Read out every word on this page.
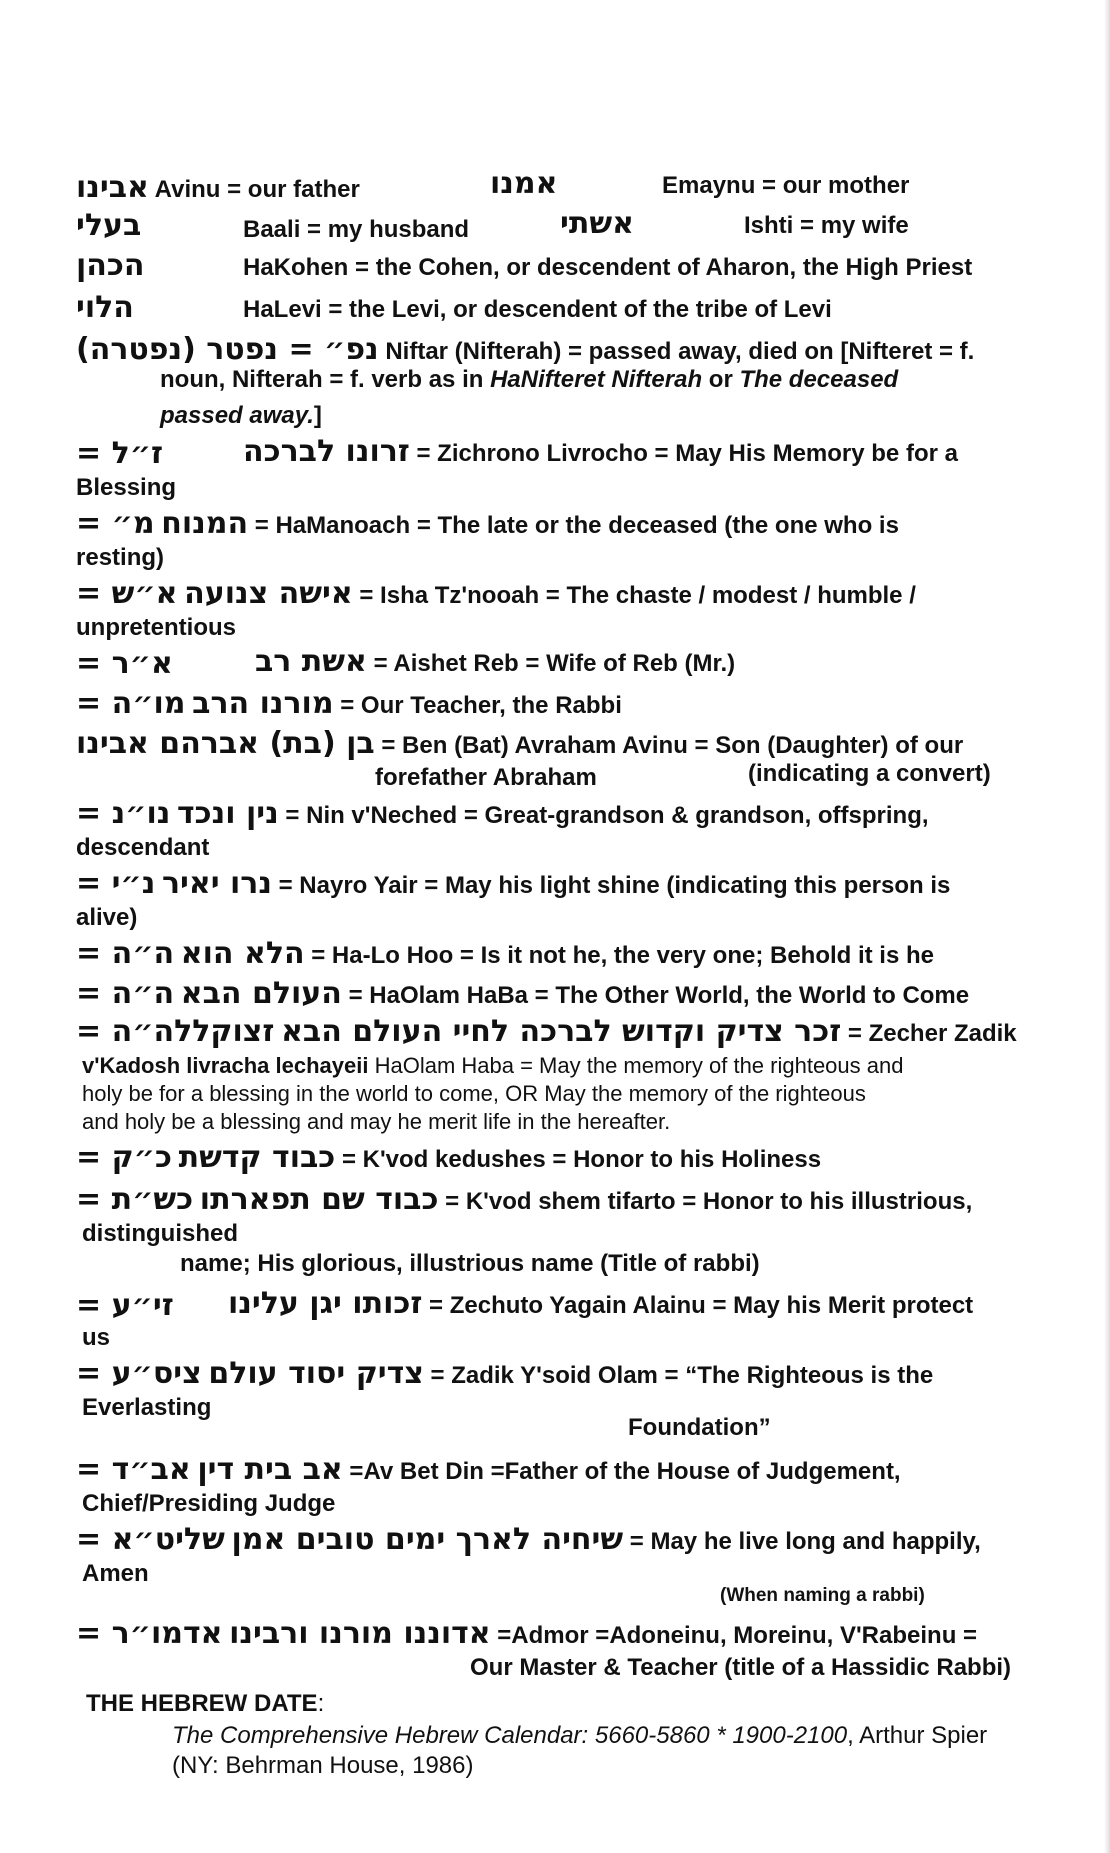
אבינו Avinu = our father	אמנו	Emaynu = our mother
בעלי	Baali = my husband	אשתי	Ishti = my wife
הכהן	HaKohen = the Cohen, or descendent of Aharon, the High Priest
הלוי	HaLevi = the Levi, or descendent of the tribe of Levi
נפ״ = נפטר (נפטרה) Niftar (Nifterah) = passed away, died on [Nifteret = f.
noun, Nifterah = f. verb as in HaNifteret Nifterah or The deceased
passed away.]
ז״ל =	זרונו לברכה = Zichrono Livrocho = May His Memory be for a
Blessing
מ״ = המנוח = HaManoach = The late or the deceased (the one who is
resting)
א״ש = אישה צנועה = Isha Tz'nooah = The chaste / modest / humble /
unpretentious
א״ר =	אשת רב = Aishet Reb = Wife of Reb (Mr.)
מו״ה = מורנו הרב = Our Teacher, the Rabbi
בן (בת) אברהם אבינו = Ben (Bat) Avraham Avinu = Son (Daughter) of our
forefather Abraham	(indicating a convert)
נו״נ = נין ונכד = Nin v'Neched = Great-grandson & grandson, offspring,
descendant
נ״י = נרו יאיר = Nayro Yair = May his light shine (indicating this person is
alive)
ה״ה = הלא הוא = Ha-Lo Hoo = Is it not he, the very one; Behold it is he
ה״ה = העולם הבא = HaOlam HaBa = The Other World, the World to Come
זצוקללה״ה = זכר צדיק וקדוש לברכה לחיי העולם הבא = Zecher Zadik
v'Kadosh livracha lechayeii HaOlam Haba = May the memory of the righteous and
holy be for a blessing in the world to come, OR May the memory of the righteous
and holy be a blessing and may he merit life in the hereafter.
כ״ק = כבוד קדשת = K'vod kedushes = Honor to his Holiness
כש״ת = כבוד שם תפארתו = K'vod shem tifarto = Honor to his illustrious,
distinguished
name; His glorious, illustrious name (Title of rabbi)
זי״ע = זכותו יגן עלינו = Zechuto Yagain Alainu = May his Merit protect
us
ציס״ע = צדיק יסוד עולם = Zadik Y'soid Olam = “The Righteous is the
Everlasting
Foundation”
אב״ד = אב בית דין =Av Bet Din =Father of the House of Judgement,
Chief/Presiding Judge
שליט״א = שיחיה לארך ימים טובים אמן = May he live long and happily,
Amen
(When naming a rabbi)
אדמו״ר = אדוננו מורנו ורבינו =Admor =Adoneinu, Moreinu, V'Rabeinu =
Our Master & Teacher (title of a Hassidic Rabbi)
THE HEBREW DATE:
The Comprehensive Hebrew Calendar: 5660-5860 * 1900-2100, Arthur Spier
(NY: Behrman House, 1986)
